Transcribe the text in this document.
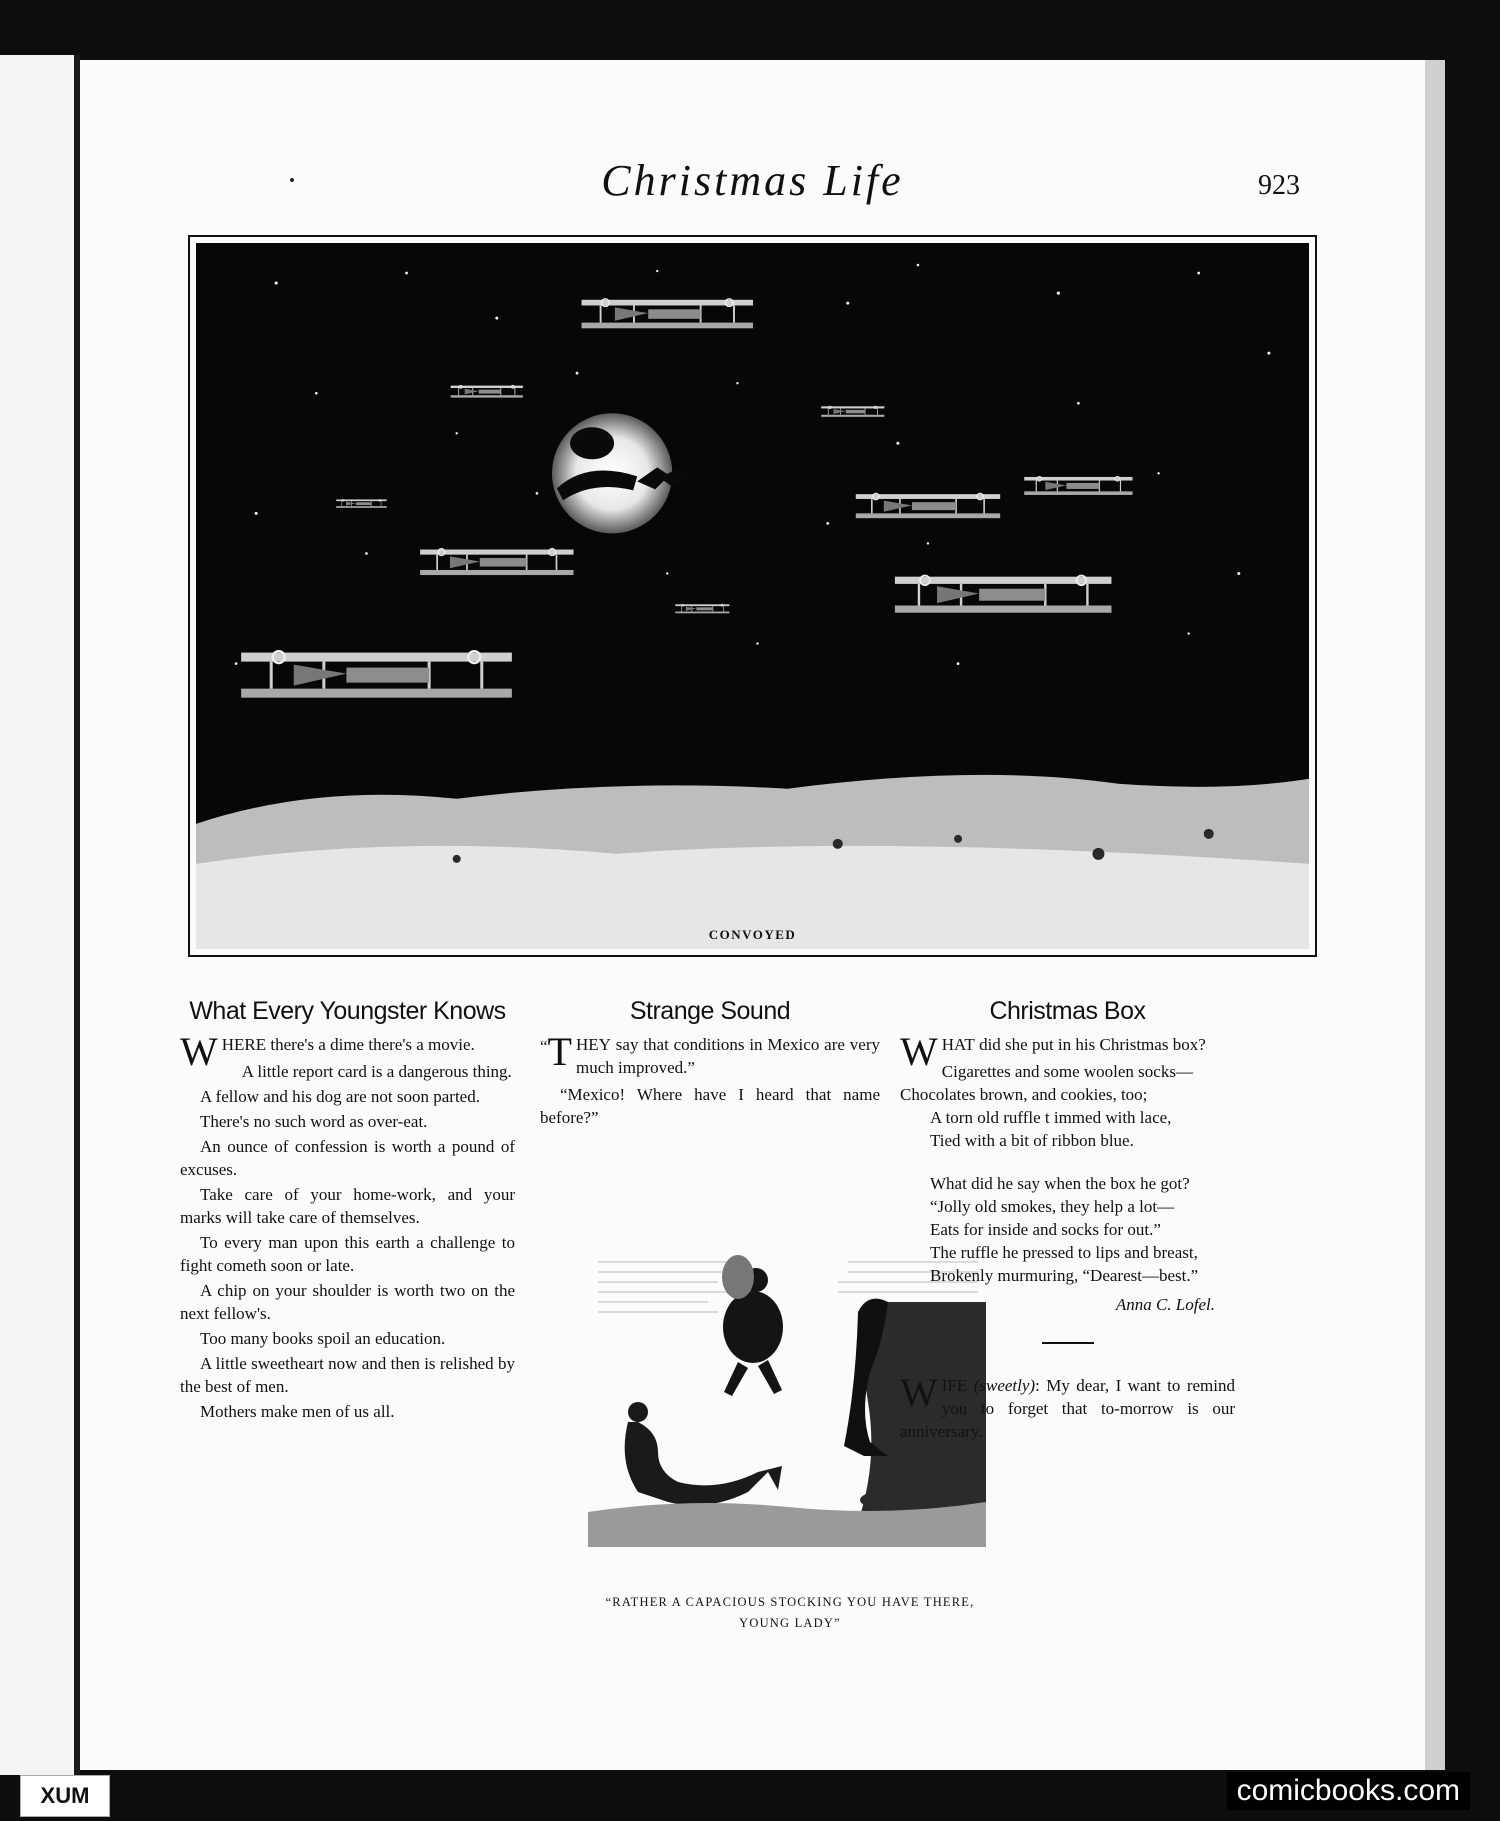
Christmas Life	923
CONVOYED
What Every Youngster Knows

WHERE there's a dime there's a movie.

A little report card is a dangerous thing.

A fellow and his dog are not soon parted.

There's no such word as over-eat.

An ounce of confession is worth a pound of excuses.

Take care of your home-work, and your marks will take care of themselves.

To every man upon this earth a challenge to fight cometh soon or late.

A chip on your shoulder is worth two on the next fellow's.

Too many books spoil an education.

A little sweetheart now and then is relished by the best of men.

Mothers make men of us all.

Strange Sound

“ T HEY say that conditions in Mexico are very much improved.”

“Mexico! Where have I heard that name before?”

“RATHER A CAPACIOUS STOCKING YOU HAVE THERE, YOUNG LADY”
Christmas Box

WHAT did she put in his Christmas box?

Cigarettes and some woolen socks—

Chocolates brown, and cookies, too;

A torn old ruffle t immed with lace,

Tied with a bit of ribbon blue.

What did he say when the box he got?

“Jolly old smokes, they help a lot—

Eats for inside and socks for out.”

The ruffle he pressed to lips and breast,

Brokenly murmuring, “Dearest—best.”

Anna C. Lofel.

WIFE (sweetly): My dear, I want to remind you to forget that to-morrow is our anniversary.

XUM	comicbooks.com
